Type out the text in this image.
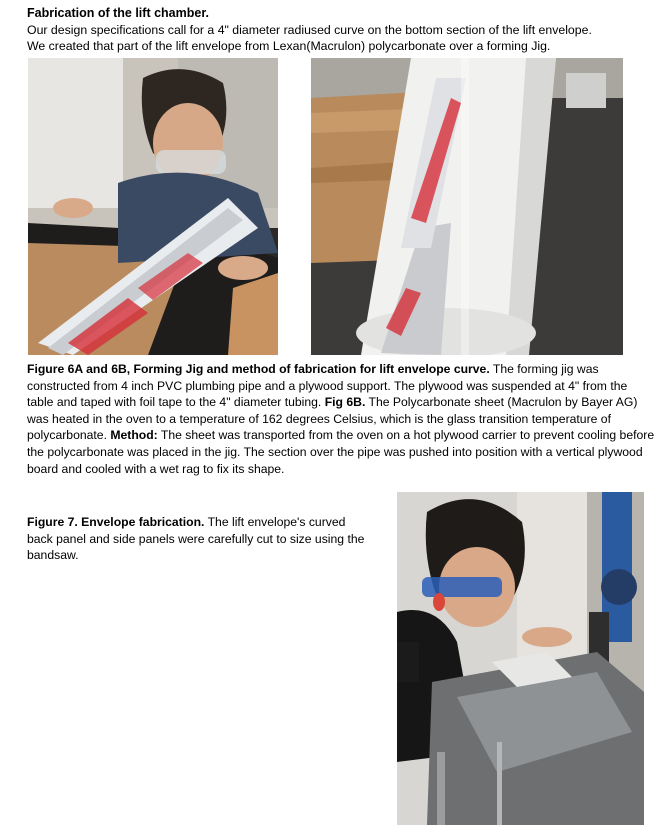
Fabrication of the lift chamber.
Our design specifications call for a 4" diameter radiused curve on the bottom section of the lift envelope.
We created that part of the lift envelope from Lexan(Macrulon) polycarbonate over a forming Jig.
Figure 6A and 6B, Forming Jig and method of fabrication for lift envelope curve. The forming jig was constructed from 4 inch PVC plumbing pipe and a plywood support. The plywood was suspended at 4" from the table and taped with foil tape to the 4" diameter tubing. Fig 6B. The Polycarbonate sheet (Macrulon by Bayer AG) was heated in the oven to a temperature of 162 degrees Celsius, which is the glass transition temperature of polycarbonate. Method: The sheet was transported from the oven on a hot plywood carrier to prevent cooling before the polycarbonate was placed in the jig. The section over the pipe was pushed into position with a vertical plywood board and cooled with a wet rag to fix its shape.
Figure 7. Envelope fabrication. The lift envelope's curved back panel and side panels were carefully cut to size using the bandsaw.
